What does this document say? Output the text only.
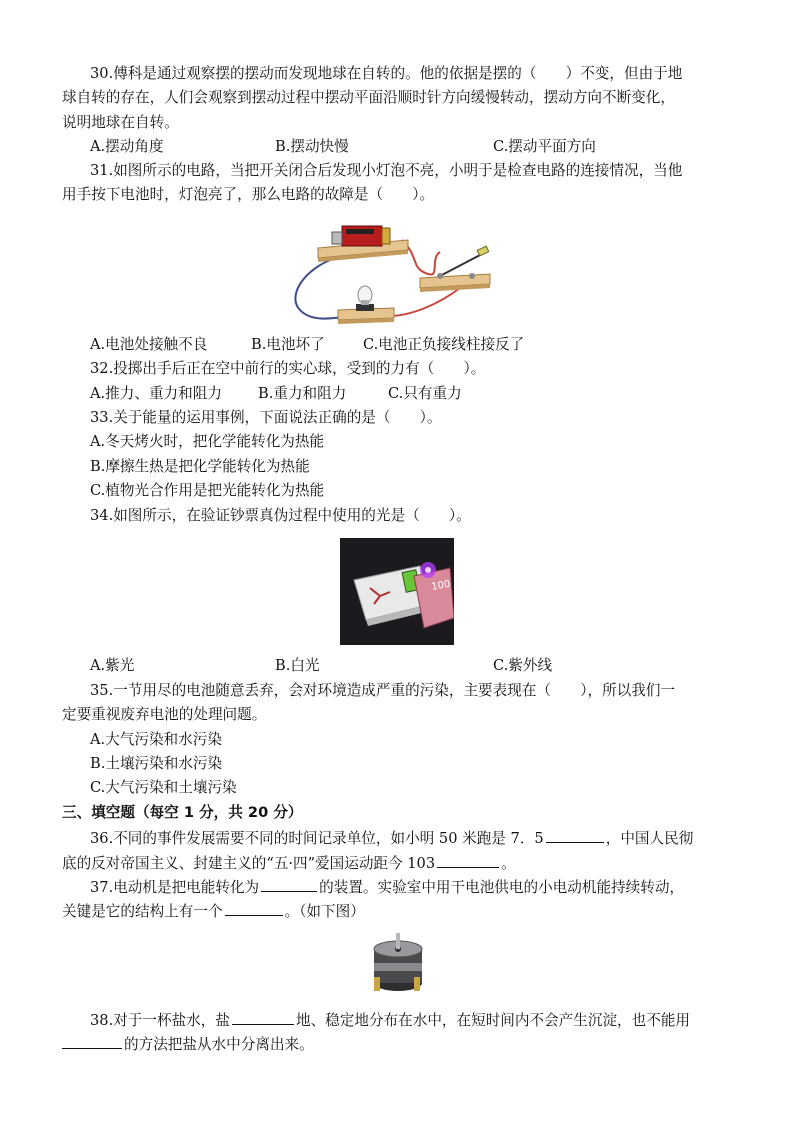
30.傅科是通过观察摆的摆动而发现地球在自转的。他的依据是摆的（　　）不变，但由于地
球自转的存在，人们会观察到摆动过程中摆动平面沿顺时针方向缓慢转动，摆动方向不断变化，
说明地球在自转。
A.摆动角度	B.摆动快慢	C.摆动平面方向
31.如图所示的电路，当把开关闭合后发现小灯泡不亮，小明于是检查电路的连接情况，当他
用手按下电池时，灯泡亮了，那么电路的故障是（　　）。
A.电池处接触不良	B.电池坏了	C.电池正负接线柱接反了
32.投掷出手后正在空中前行的实心球，受到的力有（　　）。
A.推力、重力和阻力 B.重力和阻力	C.只有重力
33.关于能量的运用事例，下面说法正确的是（　　）。
A.冬天烤火时，把化学能转化为热能
B.摩擦生热是把化学能转化为热能
C.植物光合作用是把光能转化为热能
34.如图所示，在验证钞票真伪过程中使用的光是（　　）。
100
A.紫光	B.白光	C.紫外线
35.一节用尽的电池随意丢弃，会对环境造成严重的污染，主要表现在（　　），所以我们一
定要重视废弃电池的处理问题。
A.大气污染和水污染
B.土壤污染和水污染
C.大气污染和土壤污染
三、填空题（每空 1 分，共 20 分）
36.不同的事件发展需要不同的时间记录单位，如小明 50 米跑是 7．5	，中国人民彻
底的反对帝国主义、封建主义的“五·四”爱国运动距今 103	。
37.电动机是把电能转化为	的装置。实验室中用干电池供电的小电动机能持续转动，
关键是它的结构上有一个	。（如下图）
38.对于一杯盐水，盐	地、稳定地分布在水中，在短时间内不会产生沉淀，也不能用
的方法把盐从水中分离出来。
